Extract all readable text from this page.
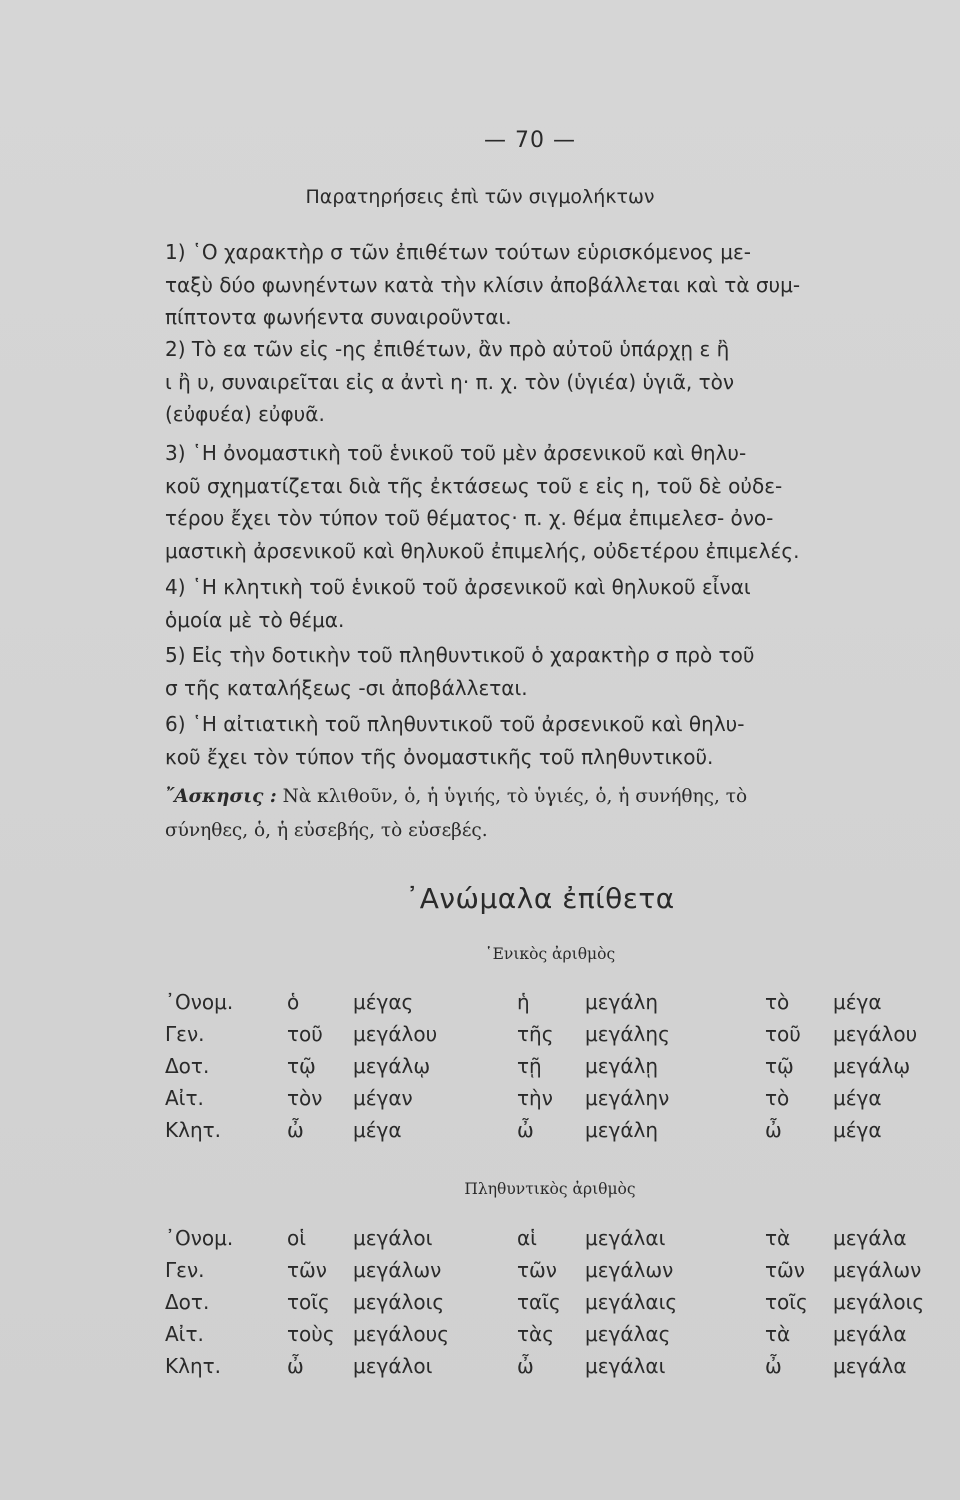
— 70 —
Παρατηρήσεις ἐπὶ τῶν σιγμολήκτων
1) ῾Ο χαρακτὴρ σ τῶν ἐπιθέτων τούτων εὑρισκόμενος με-
ταξὺ δύο φωνηέντων κατὰ τὴν κλίσιν ἀποβάλλεται καὶ τὰ συμ-
πίπτοντα φωνήεντα συναιροῦνται.
2) Τὸ εα τῶν εἰς -ης ἐπιθέτων, ἂν πρὸ αὐτοῦ ὑπάρχῃ ε ἢ
ι ἢ υ, συναιρεῖται εἰς α ἀντὶ η· π. χ. τὸν (ὑγιέα) ὑγιᾶ, τὸν
(εὐφυέα) εὐφυᾶ.
3) ῾Η ὀνομαστικὴ τοῦ ἑνικοῦ τοῦ μὲν ἀρσενικοῦ καὶ θηλυ-
κοῦ σχηματίζεται διὰ τῆς ἐκτάσεως τοῦ ε εἰς η, τοῦ δὲ οὐδε-
τέρου ἔχει τὸν τύπον τοῦ θέματος· π. χ. θέμα ἐπιμελεσ- ὀνο-
μαστικὴ ἀρσενικοῦ καὶ θηλυκοῦ ἐπιμελής, οὐδετέρου ἐπιμελές.
4) ῾Η κλητικὴ τοῦ ἑνικοῦ τοῦ ἀρσενικοῦ καὶ θηλυκοῦ εἶναι
ὁμοία μὲ τὸ θέμα.
5) Εἰς τὴν δοτικὴν τοῦ πληθυντικοῦ ὁ χαρακτὴρ σ πρὸ τοῦ
σ τῆς καταλήξεως -σι ἀποβάλλεται.
6) ῾Η αἰτιατικὴ τοῦ πληθυντικοῦ τοῦ ἀρσενικοῦ καὶ θηλυ-
κοῦ ἔχει τὸν τύπον τῆς ὀνομαστικῆς τοῦ πληθυντικοῦ.
῎Ασκησις : Νὰ κλιθοῦν, ὁ, ἡ ὑγιής, τὸ ὑγιές, ὁ, ἡ συνήθης, τὸ
σύνηθες, ὁ, ἡ εὐσεβής, τὸ εὐσεβές.
᾿Ανώμαλα ἐπίθετα
῾Ενικὸς ἀριθμὸς
᾿Ονομ.	ὁ	μέγας	ἡ	μεγάλη	τὸ μέγα
Γεν.	τοῦ μεγάλου	τῆς μεγάλης	τοῦ μεγάλου
Δοτ.	τῷ μεγάλῳ	τῇ μεγάλῃ	τῷ μεγάλῳ
Αἰτ.	τὸν μέγαν	τὴν μεγάλην	τὸ μέγα
Κλητ.	ὦ μέγα	ὦ	μεγάλη	ὦ	μέγα
Πληθυντικὸς ἀριθμὸς
᾿Ονομ.	οἱ μεγάλοι	αἱ μεγάλαι	τὰ μεγάλα
Γεν.	τῶν μεγάλων	τῶν μεγάλων	τῶν μεγάλων
Δοτ.	τοῖς μεγάλοις	ταῖς μεγάλαις	τοῖς μεγάλοις
Αἰτ.	τοὺς μεγάλους	τὰς μεγάλας	τὰ μεγάλα
Κλητ.	ὦ μεγάλοι	ὦ	μεγάλαι	ὦ	μεγάλα
